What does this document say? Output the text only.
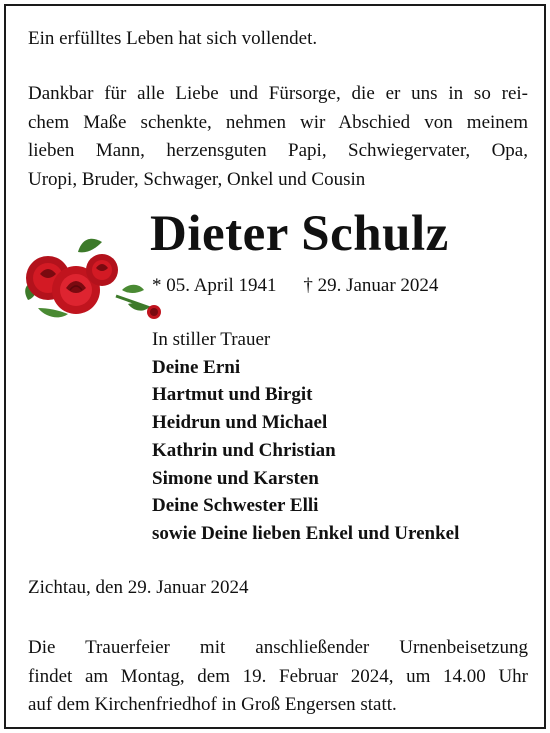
Ein erfülltes Leben hat sich vollendet.

Dankbar für alle Liebe und Fürsorge, die er uns in so rei-
chem Maße schenkte, nehmen wir Abschied von meinem
lieben Mann, herzensguten Papi, Schwiegervater, Opa,
Uropi, Bruder, Schwager, Onkel und Cousin

Dieter Schulz
* 05. April 1941 † 29. Januar 2024
In stiller Trauer
Deine Erni
Hartmut und Birgit
Heidrun und Michael
Kathrin und Christian
Simone und Karsten
Deine Schwester Elli
sowie Deine lieben Enkel und Urenkel

Zichtau, den 29. Januar 2024

Die Trauerfeier mit anschließender Urnenbeisetzung
findet am Montag, dem 19. Februar 2024, um 14.00 Uhr
auf dem Kirchenfriedhof in Groß Engersen statt.
